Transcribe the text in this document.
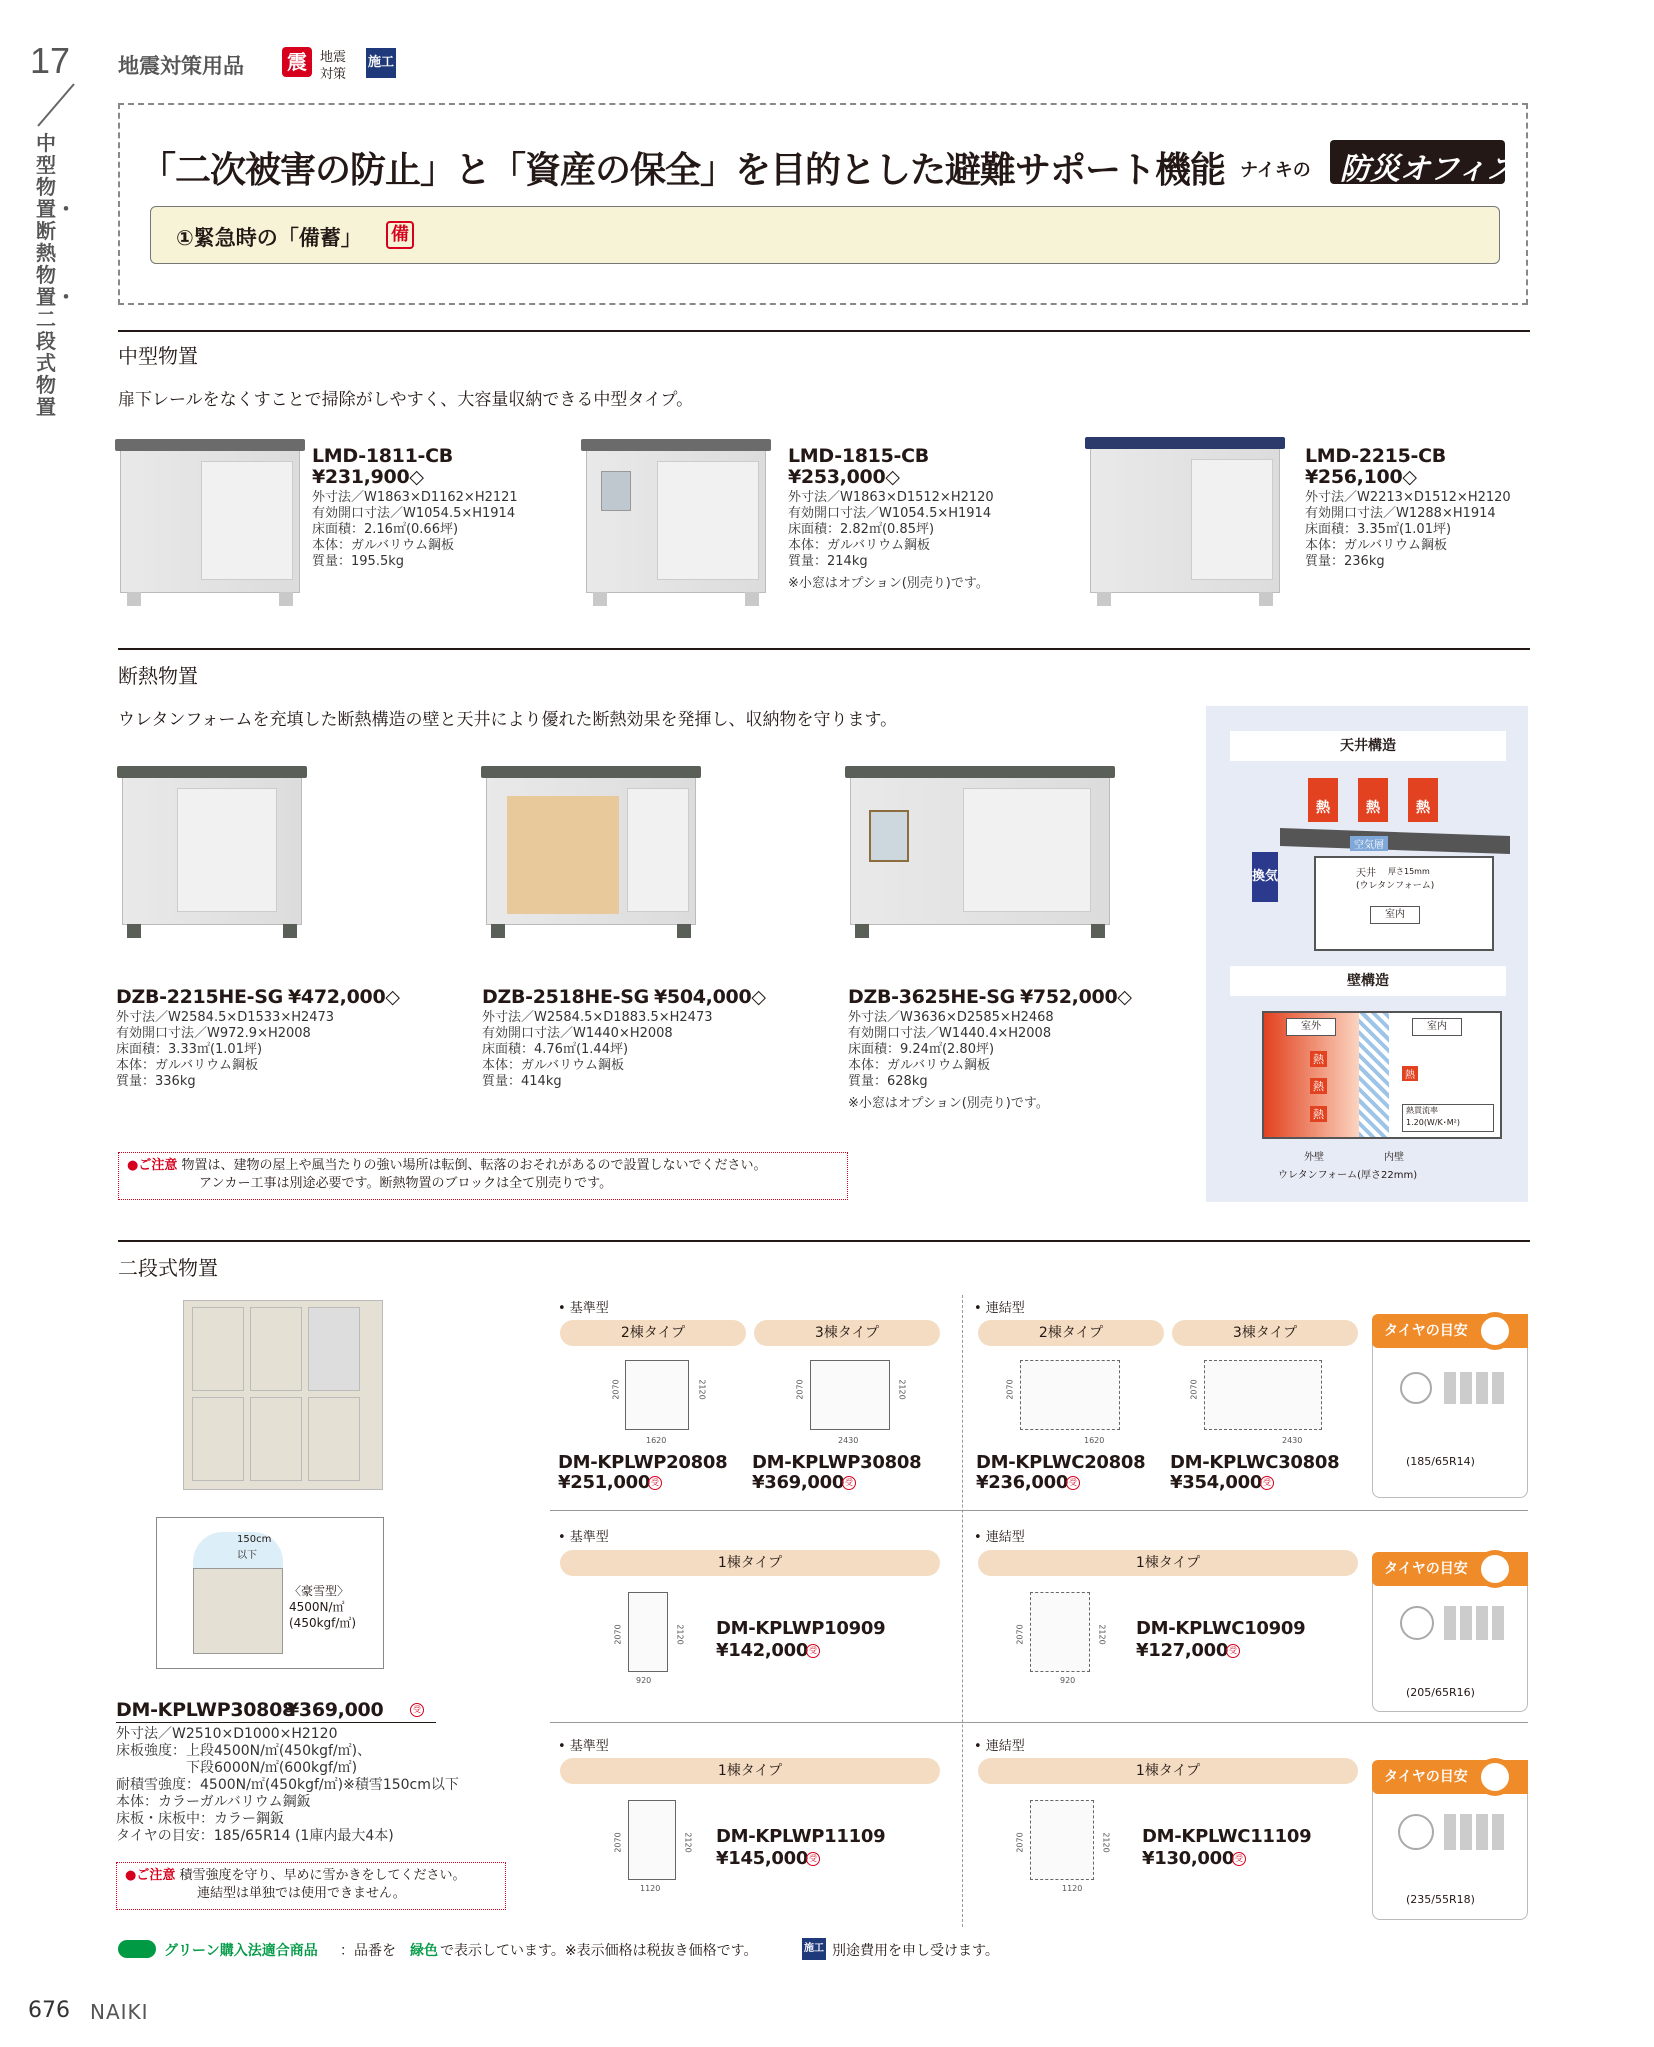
17
中型物置・断熱物置・二段式物置
地震対策用品 震	地震
対策
施工
「二次被害の防止」と「資産の保全」を目的とした避難サポート機能 ナイキの 防災オフィス
①緊急時の「備蓄」 備
中型物置
扉下レールをなくすことで掃除がしやすく、大容量収納できる中型タイプ。
LMD-1811-CB
¥231,900◇
外寸法／W1863×D1162×H2121
有効開口寸法／W1054.5×H1914
床面積：2.16㎡(0.66坪)
本体：ガルバリウム鋼板
質量：195.5kg
LMD-1815-CB
¥253,000◇
外寸法／W1863×D1512×H2120
有効開口寸法／W1054.5×H1914
床面積：2.82㎡(0.85坪)
本体：ガルバリウム鋼板
質量：214kg
※小窓はオプション(別売り)です。
LMD-2215-CB
¥256,100◇
外寸法／W2213×D1512×H2120
有効開口寸法／W1288×H1914
床面積：3.35㎡(1.01坪)
本体：ガルバリウム鋼板
質量：236kg
断熱物置
ウレタンフォームを充填した断熱構造の壁と天井により優れた断熱効果を発揮し、収納物を守ります。
DZB-2215HE-SG ¥472,000◇
外寸法／W2584.5×D1533×H2473
有効開口寸法／W972.9×H2008
床面積：3.33㎡(1.01坪)
本体：ガルバリウム鋼板
質量：336kg
DZB-2518HE-SG ¥504,000◇
外寸法／W2584.5×D1883.5×H2473
有効開口寸法／W1440×H2008
床面積：4.76㎡(1.44坪)
本体：ガルバリウム鋼板
質量：414kg
DZB-3625HE-SG ¥752,000◇
外寸法／W3636×D2585×H2468
有効開口寸法／W1440.4×H2008
床面積：9.24㎡(2.80坪)
本体：ガルバリウム鋼板
質量：628kg
※小窓はオプション(別売り)です。
●ご注意 物置は、建物の屋上や風当たりの強い場所は転倒、転落のおそれがあるので設置しないでください。
アンカー工事は別途必要です。断熱物置のブロックは全て別売りです。
天井構造
熱	熱	熱
換気
空気層
天井 厚さ15mm
(ウレタンフォーム)
室内
壁構造
室外	室内
熱
熱
熱
熱
熱貫流率
1.20(W/K･M²)
外壁	内壁
ウレタンフォーム(厚さ22mm)
二段式物置
150cm
以下
〈豪雪型〉
4500N/㎡
(450kgf/㎡)
DM-KPLWP30808
¥369,000	受
外寸法／W2510×D1000×H2120
床板強度：上段4500N/㎡(450kgf/㎡)、
　　　　　下段6000N/㎡(600kgf/㎡)
耐積雪強度：4500N/㎡(450kgf/㎡)※積雪150cm以下
本体：カラーガルバリウム鋼鈑
床板・床板中：カラー鋼鈑
タイヤの目安：185/65R14 (1庫内最大4本)
●ご注意 積雪強度を守り、早めに雪かきをしてください。
連結型は単独では使用できません。
• 基準型	• 連結型
2棟タイプ	3棟タイプ	2棟タイプ	3棟タイプ
2070	2120
1620
2070	2120
2430
2070
1620
2070
2430
DM-KPLWP20808
¥251,000 受
DM-KPLWP30808
¥369,000 受
DM-KPLWC20808
¥236,000 受
DM-KPLWC30808
¥354,000 受
タイヤの目安
(185/65R14)
• 基準型	• 連結型
1棟タイプ	1棟タイプ
2070	2120
920
2070	2120
920
DM-KPLWP10909
¥142,000 受
DM-KPLWC10909
¥127,000 受
タイヤの目安
(205/65R16)
• 基準型	• 連結型
1棟タイプ	1棟タイプ
2070	2120
1120
2070	2120
1120
DM-KPLWP11109
¥145,000 受
DM-KPLWC11109
¥130,000 受
タイヤの目安
(235/55R18)
グリーン購入法適合商品 ：品番を 緑色 で表示しています。※表示価格は税抜き価格です。	施工 別途費用を申し受けます。
676 NAIKI
